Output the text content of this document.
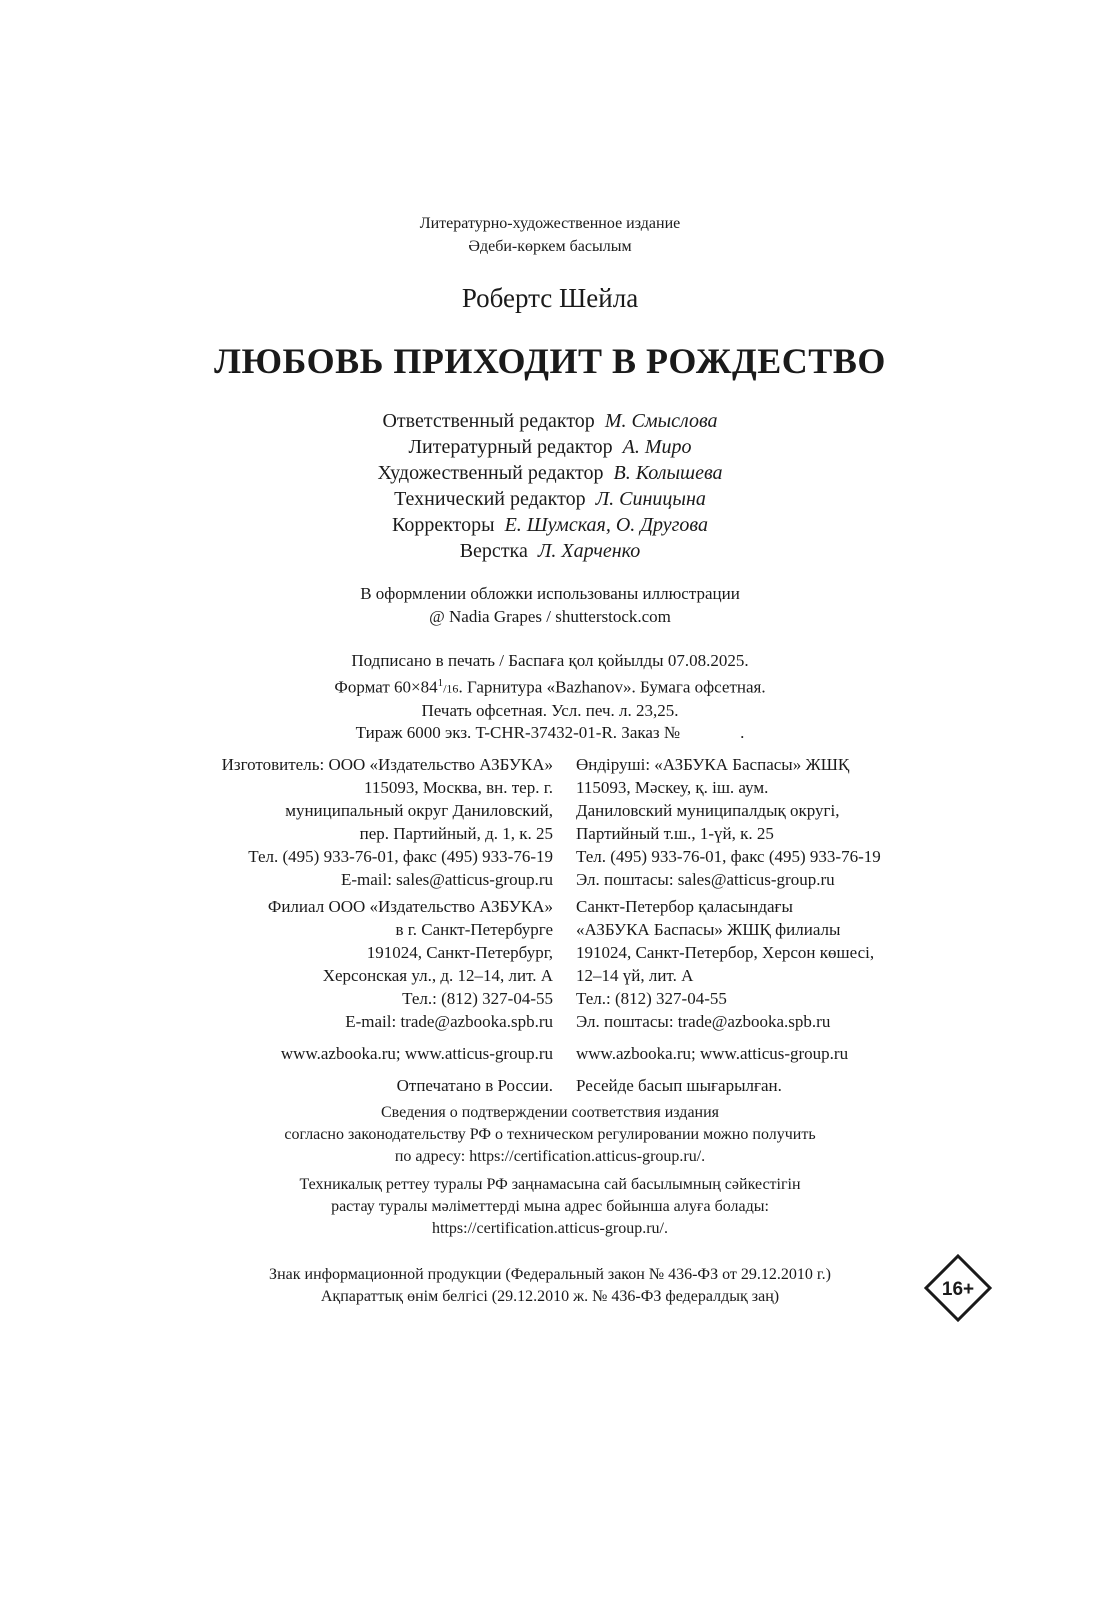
Литературно-художественное издание
Әдеби-көркем басылым
Робертс Шейла
ЛЮБОВЬ ПРИХОДИТ В РОЖДЕСТВО
Ответственный редактор М. Смыслова
Литературный редактор А. Миро
Художественный редактор В. Колышева
Технический редактор Л. Синицына
Корректоры Е. Шумская, О. Другова
Верстка Л. Харченко
В оформлении обложки использованы иллюстрации
@ Nadia Grapes / shutterstock.com
Подписано в печать / Баспаға қол қойылды 07.08.2025.
Формат $60\times 84^1/16$. Гарнитура «Bazhanov». Бумага офсетная.
Печать офсетная. Усл. печ. л. 23,25.
Тираж 6000 экз. T-CHR-37432-01-R. Заказ №	.
Изготовитель: ООО «Издательство АЗБУКА»
115093, Москва, вн. тер. г.
муниципальный округ Даниловский,
пер. Партийный, д. 1, к. 25
Тел. (495) 933-76-01, факс (495) 933-76-19
E-mail: sales@atticus-group.ru
Филиал ООО «Издательство АЗБУКА»
в г. Санкт-Петербурге
191024, Санкт-Петербург,
Херсонская ул., д. 12–14, лит. А
Тел.: (812) 327-04-55
E-mail: trade@azbooka.spb.ru
www.azbooka.ru; www.atticus-group.ru
Отпечатано в России.
Өндіруші: «АЗБУКА Баспасы» ЖШҚ
115093, Мәскеу, қ. іш. аум.
Даниловский муниципалдық округі,
Партийный т.ш., 1-үй, к. 25
Тел. (495) 933-76-01, факс (495) 933-76-19
Эл. поштасы: sales@atticus-group.ru
Санкт-Петербор қаласындағы
«АЗБУКА Баспасы» ЖШҚ филиалы
191024, Санкт-Петербор, Херсон көшесі,
12–14 үй, лит. А
Тел.: (812) 327-04-55
Эл. поштасы: trade@azbooka.spb.ru
www.azbooka.ru; www.atticus-group.ru
Ресейде басып шығарылған.
Сведения о подтверждении соответствия издания
согласно законодательству РФ о техническом регулировании можно получить
по адресу: https://certification.atticus-group.ru/.
Техникалық реттеу туралы РФ заңнамасына сай басылымның сәйкестігін
растау туралы мәліметтерді мына адрес бойынша алуға болады:
https://certification.atticus-group.ru/.
Знак информационной продукции (Федеральный закон № 436-ФЗ от 29.12.2010 г.)
Ақпараттық өнім белгісі (29.12.2010 ж. № 436-ФЗ федералдық заң)	16+
